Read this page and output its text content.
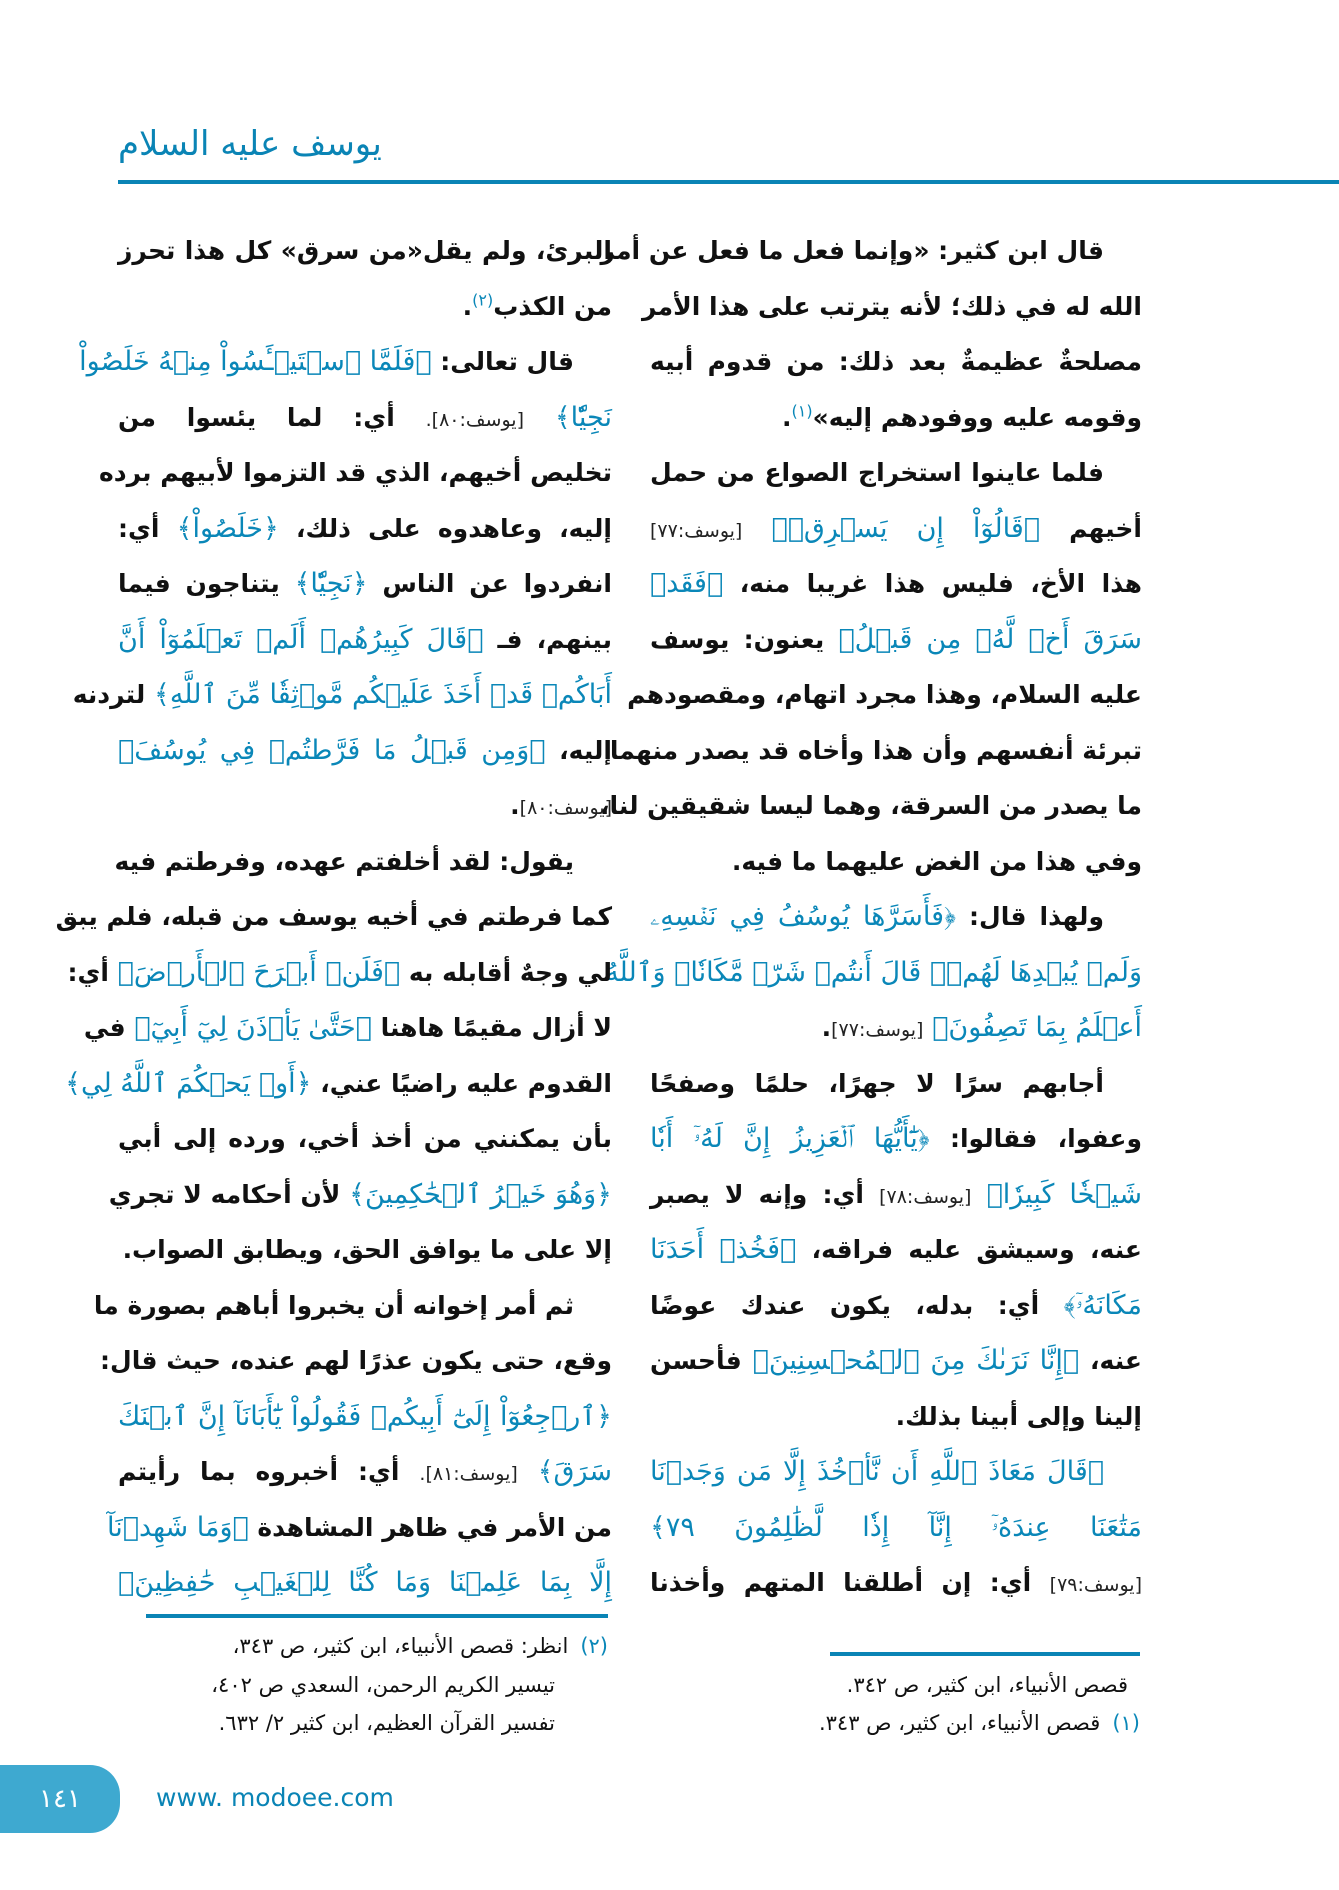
يوسف عليه السلام
قال ابن كثير: «وإنما فعل ما فعل عن أمر
الله له في ذلك؛ لأنه يترتب على هذا الأمر
مصلحةٌ عظيمةٌ بعد ذلك: من قدوم أبيه
وقومه عليه ووفودهم إليه»$^{(١)}$.
فلما عاينوا استخراج الصواع من حمل
أخيهم ﴿قَالُوٓاْ إِن يَسۡرِقۡ﴾ [يوسف:٧٧]
هذا الأخ، فليس هذا غريبا منه، ﴿فَقَدۡ
سَرَقَ أَخٞ لَّهُۥ مِن قَبۡلُ﴾ يعنون: يوسف
عليه السلام، وهذا مجرد اتهام، ومقصودهم
تبرئة أنفسهم وأن هذا وأخاه قد يصدر منهما
ما يصدر من السرقة، وهما ليسا شقيقين لنا،
وفي هذا من الغض عليهما ما فيه.
ولهذا قال: ﴿فَأَسَرَّهَا يُوسُفُ فِي نَفۡسِهِۦ
وَلَمۡ يُبۡدِهَا لَهُمۡۚ قَالَ أَنتُمۡ شَرّٞ مَّكَانٗاۖ وَٱللَّهُ
أَعۡلَمُ بِمَا تَصِفُونَ﴾ [يوسف:٧٧].
أجابهم سرًا لا جهرًا، حلمًا وصفحًا
وعفوا، فقالوا: ﴿يَٰٓأَيُّهَا ٱلۡعَزِيزُ إِنَّ لَهُۥٓ أَبٗا
شَيۡخٗا كَبِيرٗا﴾ [يوسف:٧٨] أي: وإنه لا يصبر
عنه، وسيشق عليه فراقه، ﴿فَخُذۡ أَحَدَنَا
مَكَانَهُۥٓ﴾ أي: بدله، يكون عندك عوضًا
عنه، ﴿إِنَّا نَرَىٰكَ مِنَ ٱلۡمُحۡسِنِينَ﴾ فأحسن
إلينا وإلى أبينا بذلك.
﴿قَالَ مَعَاذَ ٱللَّهِ أَن نَّأۡخُذَ إِلَّا مَن وَجَدۡنَا
مَتَٰعَنَا عِندَهُۥٓ إِنَّآ إِذٗا لَّظَٰلِمُونَ ٧٩﴾
[يوسف:٧٩] أي: إن أطلقنا المتهم وأخذنا
البرئ، ولم يقل«من سرق» كل هذا تحرز
من الكذب$^{(٢)}$.
قال تعالى: ﴿فَلَمَّا ٱسۡتَيۡـَٔسُواْ مِنۡهُ خَلَصُواْ
نَجِيّٗا﴾ [يوسف:٨٠]. أي: لما يئسوا من
تخليص أخيهم، الذي قد التزموا لأبيهم برده
إليه، وعاهدوه على ذلك، ﴿خَلَصُواْ﴾ أي:
انفردوا عن الناس ﴿نَجِيّٗا﴾ يتناجون فيما
بينهم، فـ ﴿قَالَ كَبِيرُهُمۡ أَلَمۡ تَعۡلَمُوٓاْ أَنَّ
أَبَاكُمۡ قَدۡ أَخَذَ عَلَيۡكُم مَّوۡثِقٗا مِّنَ ٱللَّهِ﴾ لتردنه
إليه، ﴿وَمِن قَبۡلُ مَا فَرَّطتُمۡ فِي يُوسُفَ﴾
[يوسف:٨٠].
يقول: لقد أخلفتم عهده، وفرطتم فيه
كما فرطتم في أخيه يوسف من قبله، فلم يبق
لي وجهٌ أقابله به ﴿فَلَنۡ أَبۡرَحَ ٱلۡأَرۡضَ﴾ أي:
لا أزال مقيمًا هاهنا ﴿حَتَّىٰ يَأۡذَنَ لِيٓ أَبِيٓ﴾ في
القدوم عليه راضيًا عني، ﴿أَوۡ يَحۡكُمَ ٱللَّهُ لِي﴾
بأن يمكنني من أخذ أخي، ورده إلى أبي
﴿وَهُوَ خَيۡرُ ٱلۡحَٰكِمِينَ﴾ لأن أحكامه لا تجري
إلا على ما يوافق الحق، ويطابق الصواب.
ثم أمر إخوانه أن يخبروا أباهم بصورة ما
وقع، حتى يكون عذرًا لهم عنده، حيث قال:
﴿ٱرۡجِعُوٓاْ إِلَىٰٓ أَبِيكُمۡ فَقُولُواْ يَٰٓأَبَانَآ إِنَّ ٱبۡنَكَ
سَرَقَ﴾ [يوسف:٨١]. أي: أخبروه بما رأيتم
من الأمر في ظاهر المشاهدة ﴿وَمَا شَهِدۡنَآ
إِلَّا بِمَا عَلِمۡنَا وَمَا كُنَّا لِلۡغَيۡبِ حَٰفِظِينَ﴾
قصص الأنبياء، ابن كثير، ص ٣٤٢.
(١)قصص الأنبياء، ابن كثير، ص ٣٤٣.
(٢)انظر: قصص الأنبياء، ابن كثير، ص ٣٤٣،
تيسير الكريم الرحمن، السعدي ص ٤٠٢،
تفسير القرآن العظيم، ابن كثير ٢/ ٦٣٢.
١٤١	www. modoee.com
